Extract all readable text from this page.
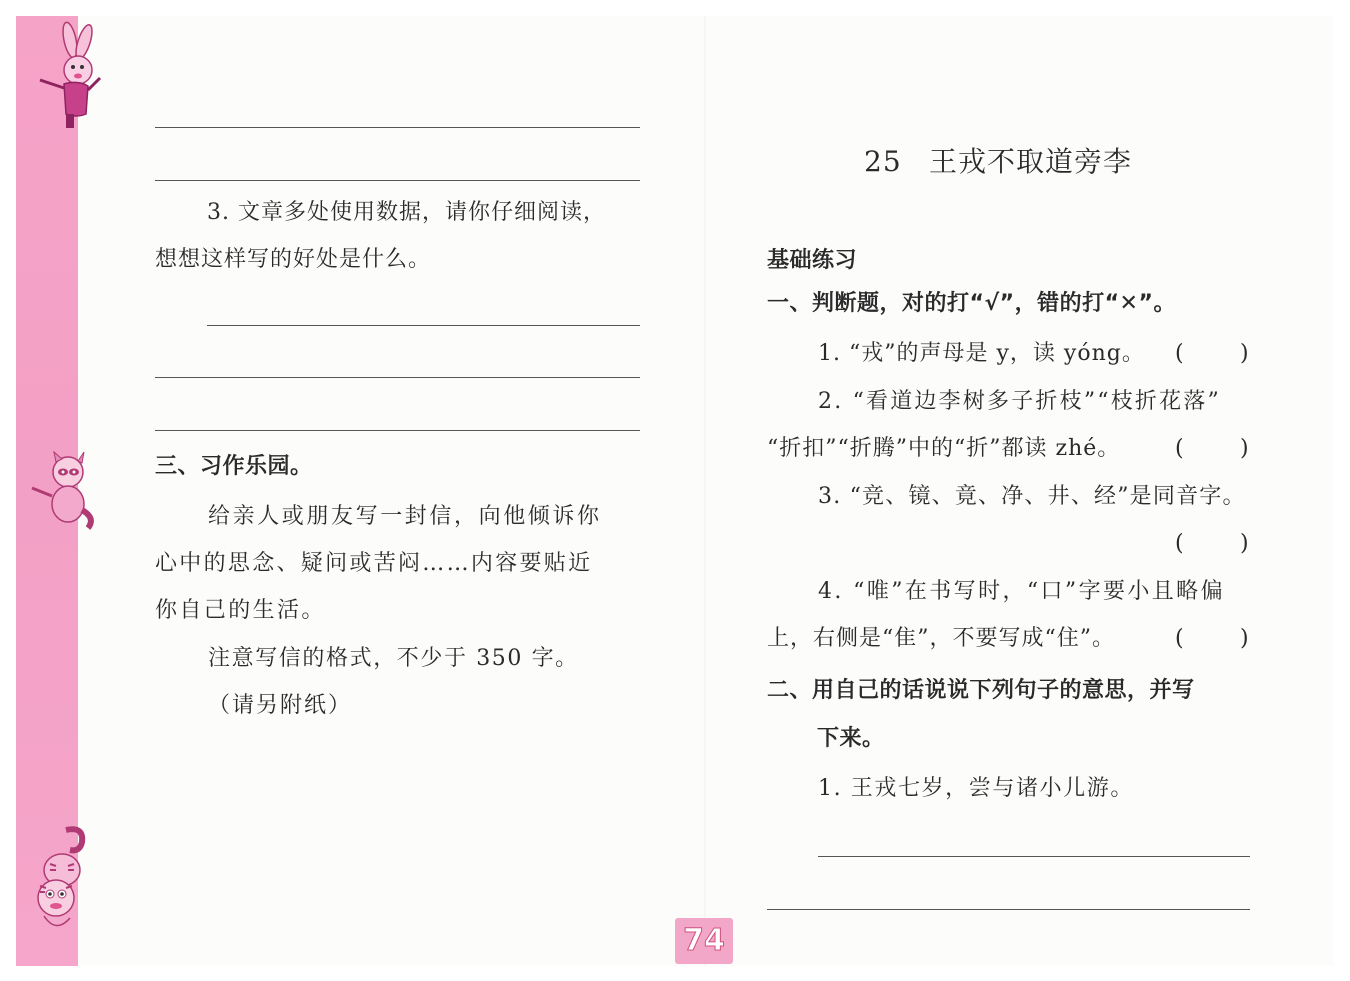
3. 文章多处使用数据，请你仔细阅读，
想想这样写的好处是什么。
三、习作乐园。
给亲人或朋友写一封信，向他倾诉你
心中的思念、疑问或苦闷……内容要贴近
你自己的生活。
注意写信的格式，不少于 350 字。
（请另附纸）
25 王戎不取道旁李
基础练习
一、判断题，对的打“√”，错的打“✕”。
1. “戎”的声母是 y，读 yóng。 (	)
2. “看道边李树多子折枝”“枝折花落”
“折扣”“折腾”中的“折”都读 zhé。 (	)
3. “竞、镜、竟、净、井、经”是同音字。
(	)
4. “唯”在书写时，“口”字要小且略偏
上，右侧是“隹”，不要写成“住”。	(	)
二、用自己的话说说下列句子的意思，并写
下来。
1. 王戎七岁，尝与诸小儿游。
74
